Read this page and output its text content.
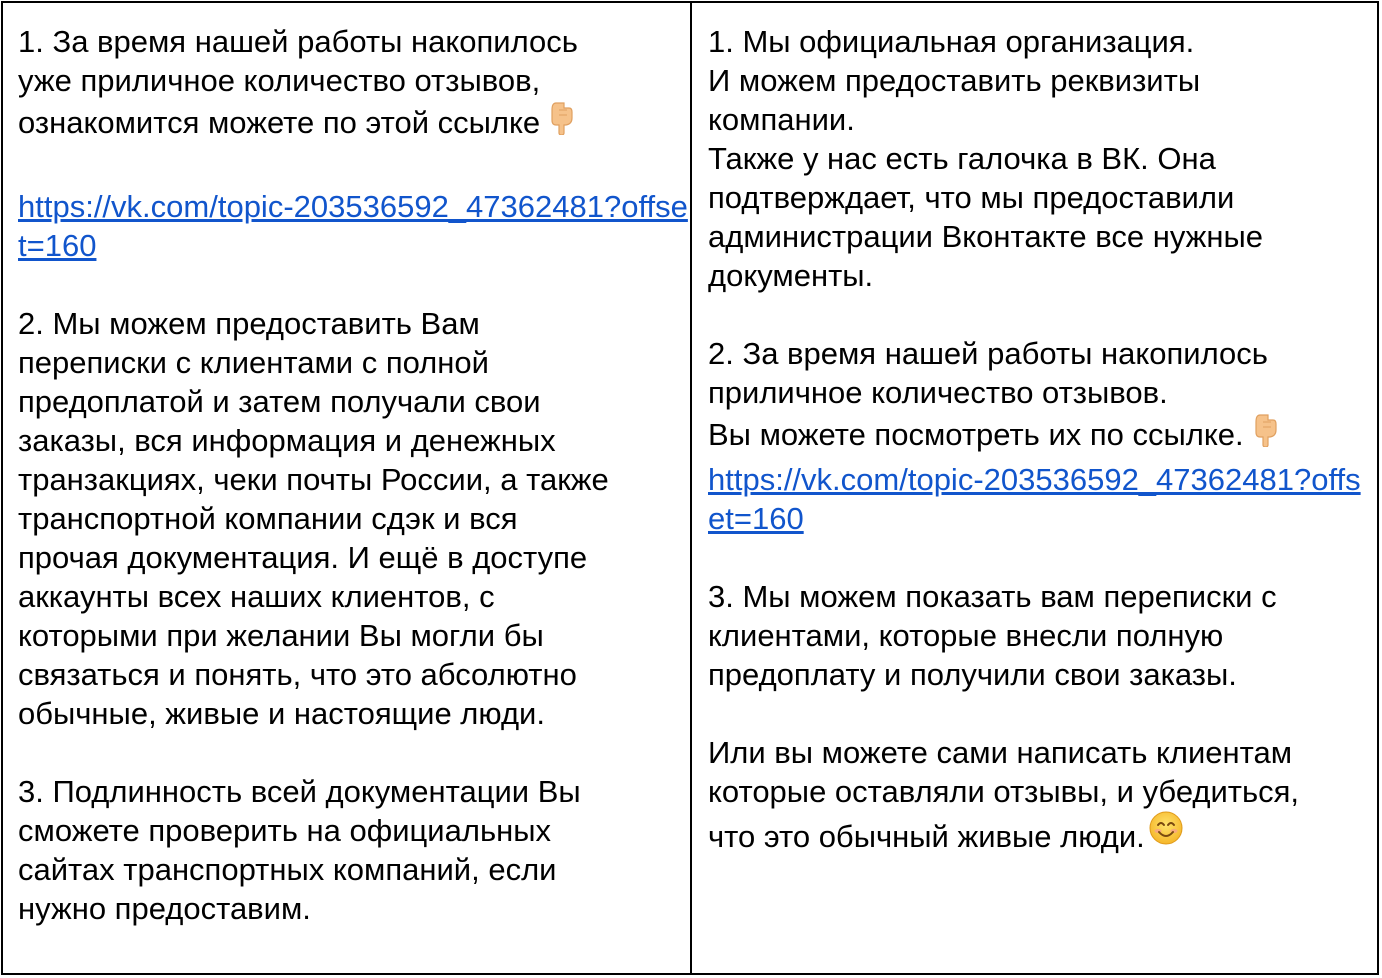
1. За время нашей работы накопилось
уже приличное количество отзывов,

ознакомится можете по этой ссылке

https://vk.com/topic-203536592_47362481?offset=160

2. Мы можем предоставить Вам
переписки с клиентами с полной
предоплатой и затем получали свои
заказы, вся информация и денежных
транзакциях, чеки почты России, а также
транспортной компании сдэк и вся
прочая документация. И ещё в доступе
аккаунты всех наших клиентов, с
которыми при желании Вы могли бы
связаться и понять, что это абсолютно
обычные, живые и настоящие люди.

3. Подлинность всей документации Вы
сможете проверить на официальных
сайтах транспортных компаний, если
нужно предоставим.

1. Мы официальная организация.
И можем предоставить реквизиты
компании.
Также у нас есть галочка в ВК. Она
подтверждает, что мы предоставили
администрации Вконтакте все нужные
документы.

2. За время нашей работы накопилось
приличное количество отзывов.

Вы можете посмотреть их по ссылке.

https://vk.com/topic-203536592_47362481?offset=160

3. Мы можем показать вам переписки с
клиентами, которые внесли полную
предоплату и получили свои заказы.

Или вы можете сами написать клиентам
которые оставляли отзывы, и убедиться,

что это обычный живые люди.
